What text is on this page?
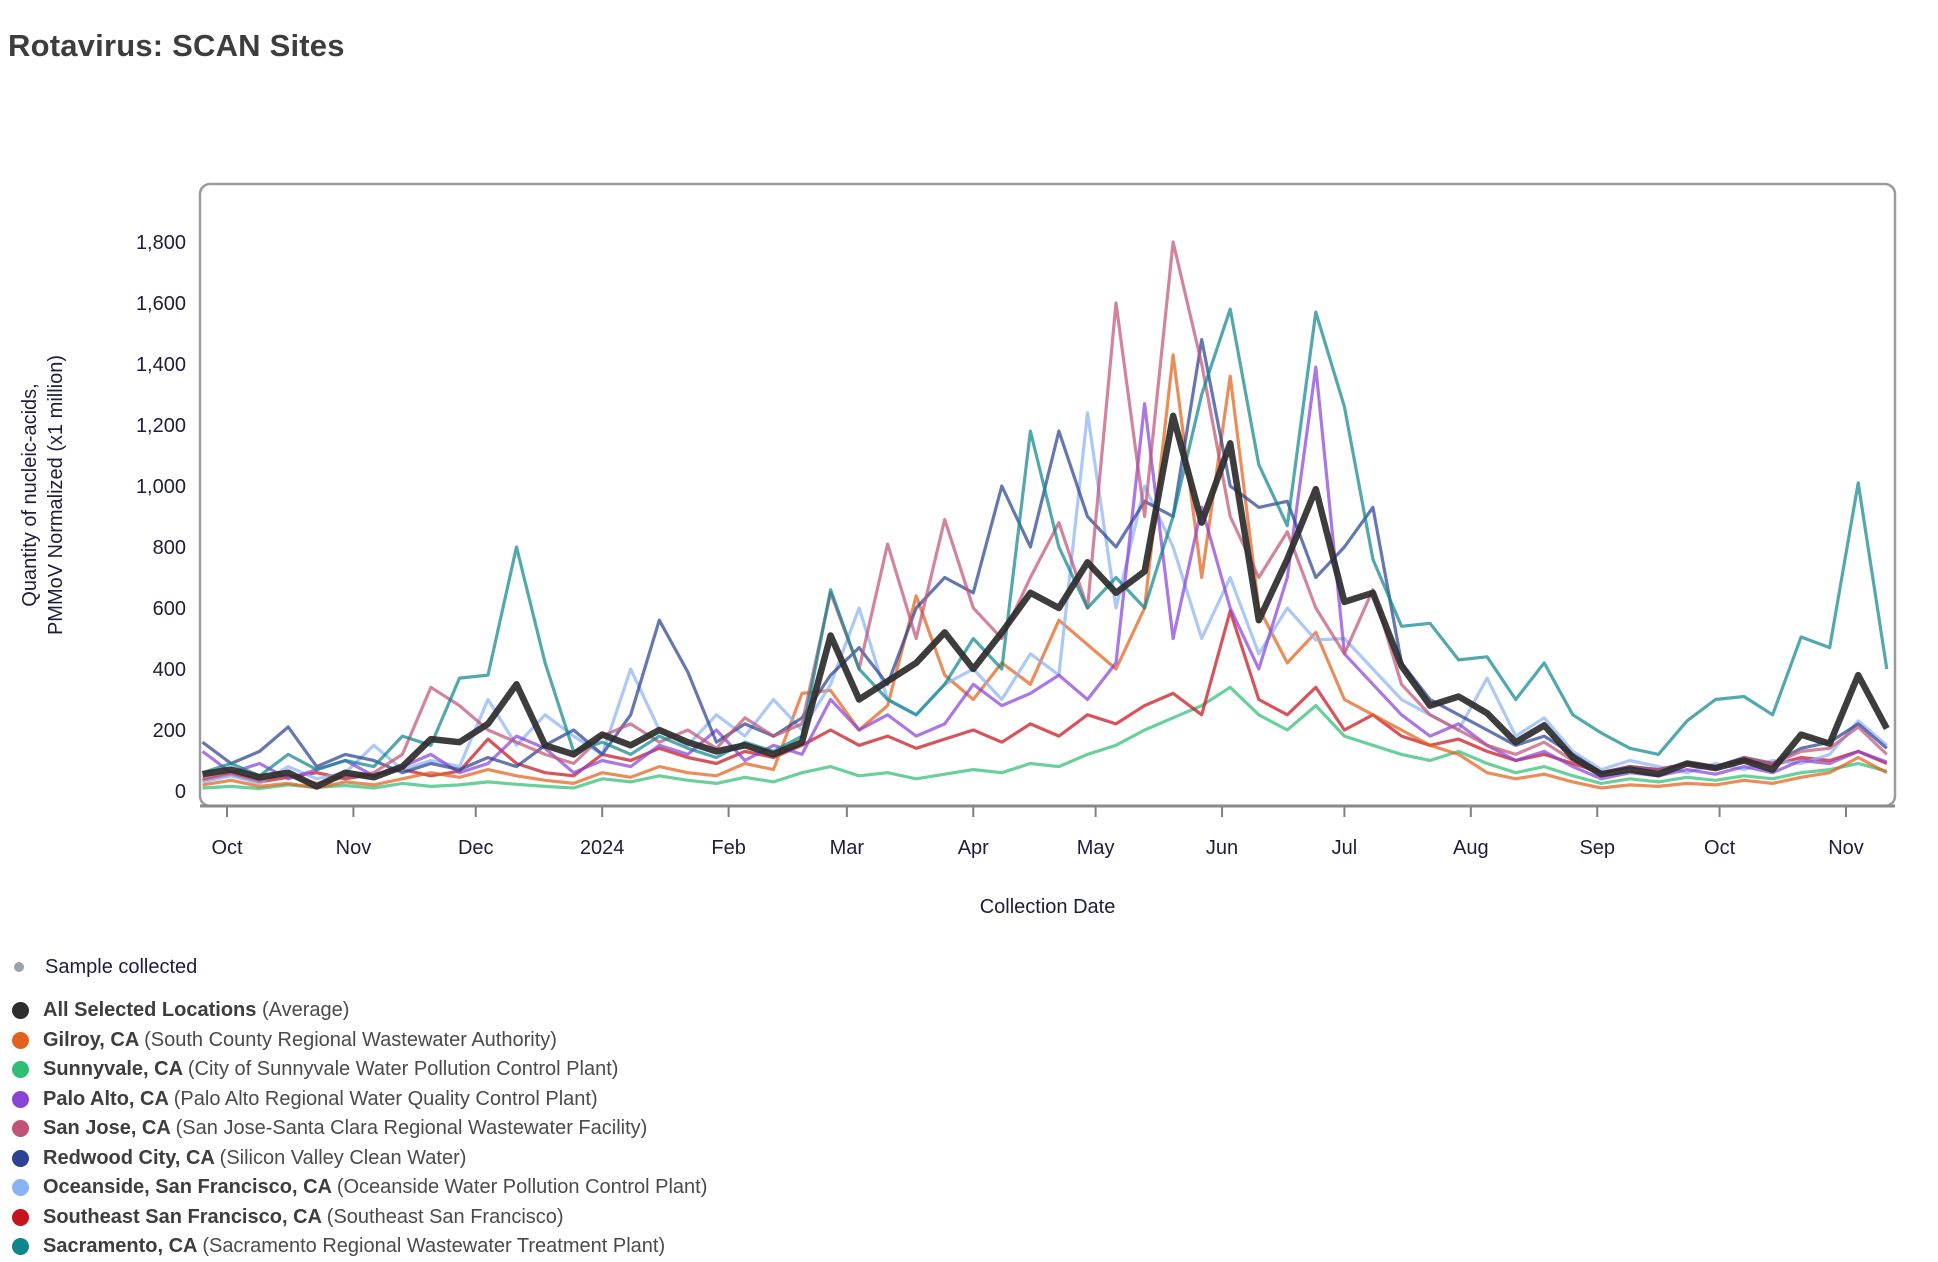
Rotavirus: SCAN Sites
Oct	Nov	Dec	2024	Feb	Mar	Apr	May	Jun	Jul	Aug	Sep	Oct	Nov
0
200
400
600
800
1,000
1,200
1,400
1,600
1,800
Quantity of nucleic-acids, PMMoV Normalized (x1 million)
Collection Date
Sample collected
All Selected Locations (Average)
Gilroy, CA (South County Regional Wastewater Authority)
Sunnyvale, CA (City of Sunnyvale Water Pollution Control Plant)
Palo Alto, CA (Palo Alto Regional Water Quality Control Plant)
San Jose, CA (San Jose-Santa Clara Regional Wastewater Facility)
Redwood City, CA (Silicon Valley Clean Water)
Oceanside, San Francisco, CA (Oceanside Water Pollution Control Plant)
Southeast San Francisco, CA (Southeast San Francisco)
Sacramento, CA (Sacramento Regional Wastewater Treatment Plant)
